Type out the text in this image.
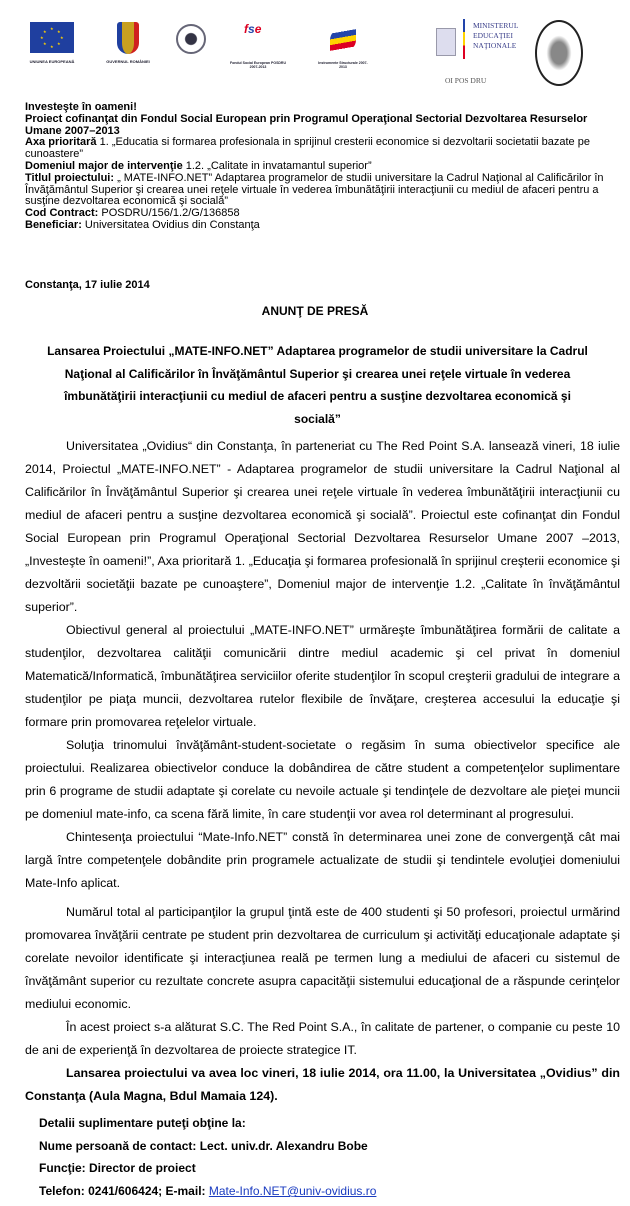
★
★
★
★
★
★
★
★
UNIUNEA EUROPEANĂ	GUVERNUL ROMÂNIEI
fse
Fondul Social European POSDRU 2007-2013
Instrumente Structurale 2007-2013
MINISTERUL EDUCAŢIEI NAŢIONALE
OI POS DRU
Investeşte în oameni!
Proiect cofinanţat din Fondul Social European prin Programul Operaţional Sectorial Dezvoltarea Resurselor Umane 2007–2013
Axa prioritară 1. „Educatia si formarea profesionala in sprijinul cresterii economice si dezvoltarii societatii bazate pe cunoastere”
Domeniul major de intervenţie 1.2. „Calitate in invatamantul superior”
Titlul proiectului: „ MATE-INFO.NET” Adaptarea programelor de studii universitare la Cadrul Naţional al Calificărilor în Învăţământul Superior şi crearea unei reţele virtuale în vederea îmbunătăţirii interacţiunii cu mediul de afaceri pentru a susţine dezvoltarea economică şi socială”
Cod Contract: POSDRU/156/1.2/G/136858
Beneficiar: Universitatea Ovidius din Constanţa
Constanţa, 17 iulie 2014
ANUNŢ DE PRESĂ
Lansarea Proiectului „MATE-INFO.NET” Adaptarea programelor de studii universitare la Cadrul Naţional al Calificărilor în Învăţământul Superior şi crearea unei reţele virtuale în vederea îmbunătăţirii interacţiunii cu mediul de afaceri pentru a susţine dezvoltarea economică şi socială”

Universitatea „Ovidius“ din Constanţa, în parteneriat cu The Red Point S.A. lansează vineri, 18 iulie 2014, Proiectul „MATE-INFO.NET” - Adaptarea programelor de studii universitare la Cadrul Naţional al Calificărilor în Învăţământul Superior şi crearea unei reţele virtuale în vederea îmbunătăţirii interacţiunii cu mediul de afaceri pentru a susţine dezvoltarea economică şi socială”. Proiectul este cofinanţat din Fondul Social European prin Programul Operaţional Sectorial Dezvoltarea Resurselor Umane 2007 –2013, „Investeşte în oameni!”, Axa prioritară 1. „Educaţia şi formarea profesională în sprijinul creşterii economice şi dezvoltării societăţii bazate pe cunoaştere”, Domeniul major de intervenţie 1.2. „Calitate în învăţământul superior”.

Obiectivul general al proiectului „MATE-INFO.NET” urmăreşte îmbunătăţirea formării de calitate a studenţilor, dezvoltarea calităţii comunicării dintre mediul academic şi cel privat în domeniul Matematică/Informatică, îmbunătăţirea serviciilor oferite studenţilor în scopul creşterii gradului de integrare a studenţilor pe piaţa muncii, dezvoltarea rutelor flexibile de învăţare, creşterea accesului la educaţie şi formare prin promovarea reţelelor virtuale.

Soluţia trinomului învăţământ-student-societate o regăsim în suma obiectivelor specifice ale proiectului. Realizarea obiectivelor conduce la dobândirea de către student a competenţelor suplimentare prin 6 programe de studii adaptate şi corelate cu nevoile actuale şi tendinţele de dezvoltare ale pieţei muncii pe domeniul mate-info, ca scena fără limite, în care studenţii vor avea rol determinant al progresului.

Chintesenţa proiectului “Mate-Info.NET” constă în determinarea unei zone de convergenţă cât mai largă între competenţele dobândite prin programele actualizate de studii şi tendintele evoluţiei domeniului Mate-Info aplicat.

Numărul total al participanţilor la grupul ţintă este de 400 studenti şi 50 profesori, proiectul urmărind promovarea învăţării centrate pe student prin dezvoltarea de curriculum şi activităţi educaţionale adaptate şi corelate nevoilor identificate şi interacţiunea reală pe termen lung a mediului de afaceri cu sistemul de învăţământ superior cu rezultate concrete asupra capacităţii sistemului educaţional de a răspunde cerinţelor mediului economic.

În acest proiect s-a alăturat S.C. The Red Point S.A., în calitate de partener, o companie cu peste 10 de ani de experienţă în dezvoltarea de proiecte strategice IT.

Lansarea proiectului va avea loc vineri, 18 iulie 2014, ora 11.00, la Universitatea „Ovidius” din Constanţa (Aula Magna, Bdul Mamaia 124).

Detalii suplimentare puteţi obţine la:
Nume persoană de contact: Lect. univ.dr. Alexandru Bobe
Funcţie: Director de proiect
Telefon: 0241/606424; E-mail: Mate-Info.NET@univ-ovidius.ro
